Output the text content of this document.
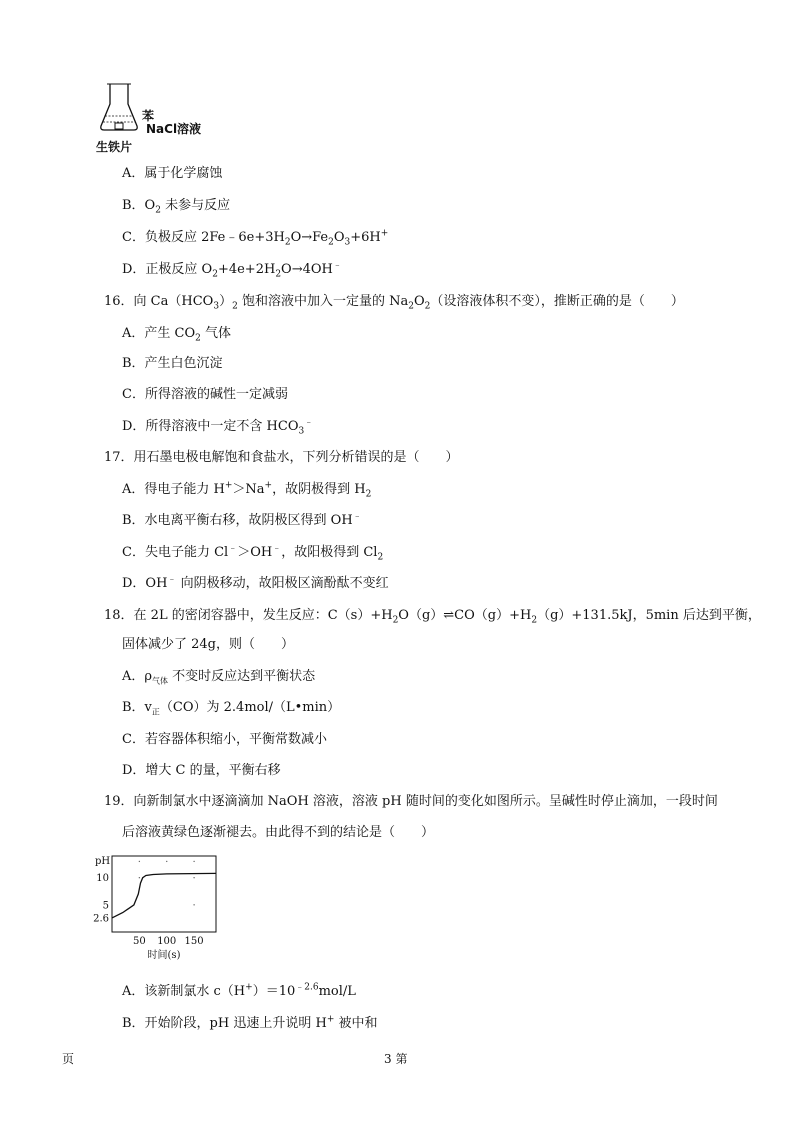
苯
NaCl溶液
生铁片
A．属于化学腐蚀
B．$O_2$ 未参与反应
C．负极反应 $2Fe﹣6e+3H_2O\to Fe_2O_3+6H^+$
D．正极反应 $O_2+4e+2H_2O\to 4OH^﹣$
16．向 $Ca(HCO_3)_2$ 饱和溶液中加入一定量的 $Na_2O_2$（设溶液体积不变），推断正确的是（　　）
A．产生 $CO_2$ 气体
B．产生白色沉淀
C．所得溶液的碱性一定减弱
D．所得溶液中一定不含 $HCO_3^﹣$
17．用石墨电极电解饱和食盐水，下列分析错误的是（　　）
A．得电子能力 H+＞Na+，故阴极得到 $H_2$
B．水电离平衡右移，故阴极区得到 OH﹣
C．失电子能力 Cl﹣＞OH﹣，故阳极得到 $Cl_2$
D．OH﹣ 向阴极移动，故阳极区滴酚酞不变红
18．在 2L 的密闭容器中，发生反应：$C(s)+H_2O(g)\rightleftharpoons CO(g)+H_2(g)+131.5kJ$，5min 后达到平衡，
固体减少了 24g，则（　　）
A．$\rho_{气体}$ 不变时反应达到平衡状态
B．$v_正(CO)$为 2.4mol/（L•min）
C．若容器体积缩小，平衡常数减小
D．增大 C 的量，平衡右移
19．向新制氯水中逐滴滴加 NaOH 溶液，溶液 pH 随时间的变化如图所示。呈碱性时停止滴加，一段时间
后溶液黄绿色逐渐褪去。由此得不到的结论是（　　）
pH
时间(s)
2.6
5
10
50 100 150
A．该新制氯水 $c(H^+)=10^{﹣2.6}mol/L$
B．开始阶段，pH 迅速上升说明 H+ 被中和
页	3 第
